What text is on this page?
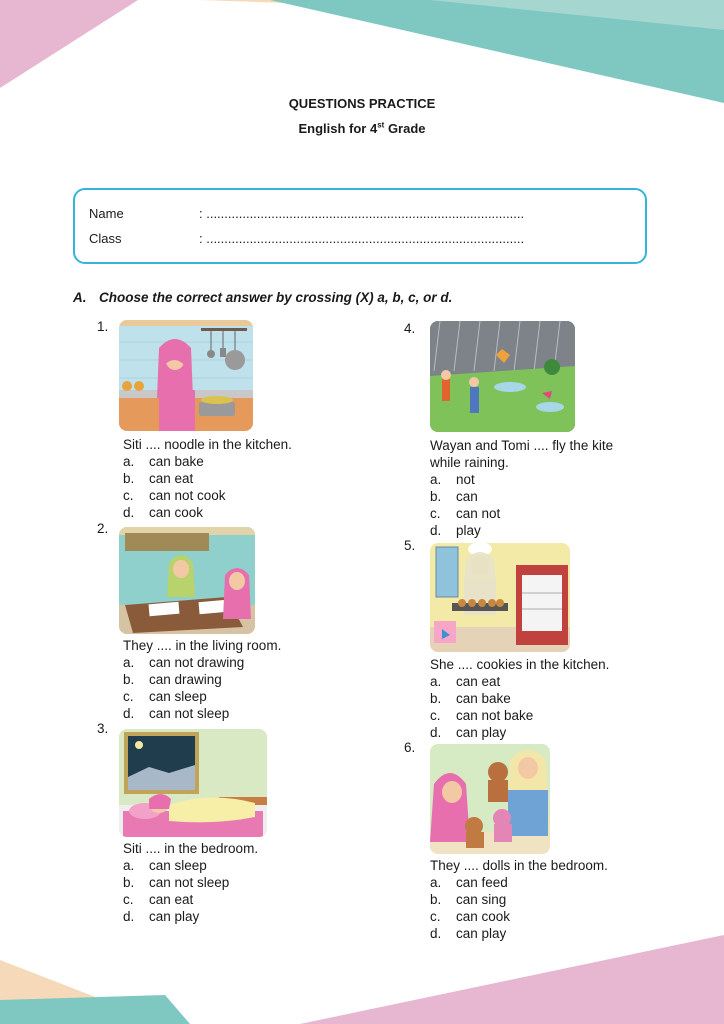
QUESTIONS PRACTICE
English for 4st Grade
Name	: ........................................................................................
Class	: ........................................................................................
A. Choose the correct answer by crossing (X) a, b, c, or d.
1.
Siti .... noodle in the kitchen.
a. can bake
b. can eat
c. can not cook
d. can cook
2.
They .... in the living room.
a. can not drawing
b. can drawing
c. can sleep
d. can not sleep
3.
Siti .... in the bedroom.
a. can sleep
b. can not sleep
c. can eat
d. can play
4.
Wayan and Tomi .... fly the kite
while raining.
a. not
b. can
c. can not
d. play
5.
She .... cookies in the kitchen.
a. can eat
b. can bake
c. can not bake
d. can play
6.
They .... dolls in the bedroom.
a. can feed
b. can sing
c. can cook
d. can play
